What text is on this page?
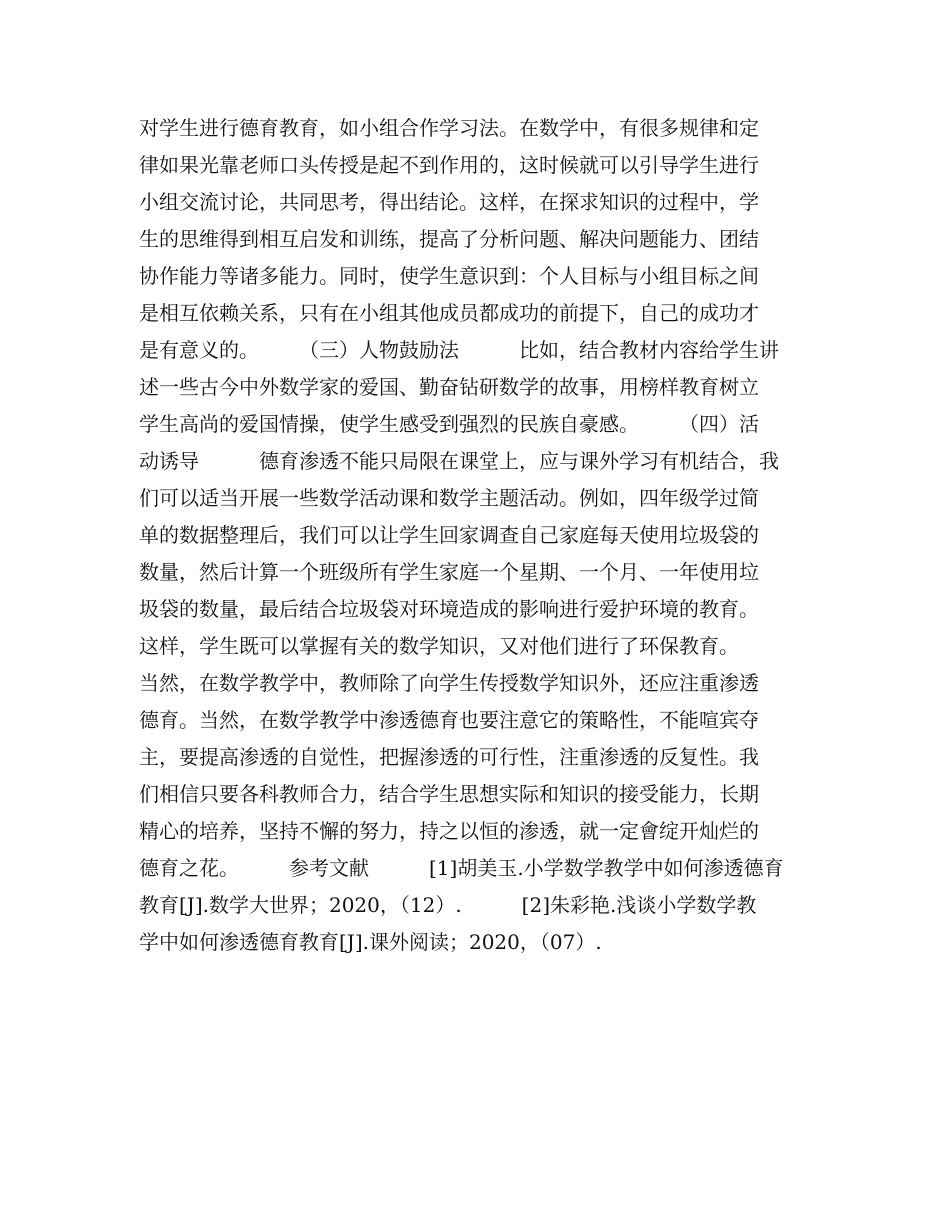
对学生进行德育教育，如小组合作学习法。在数学中，有很多规律和定
律如果光靠老师口头传授是起不到作用的，这时候就可以引导学生进行
小组交流讨论，共同思考，得出结论。这样，在探求知识的过程中，学
生的思维得到相互启发和训练，提高了分析问题、解决问题能力、团结
协作能力等诸多能力。同时，使学生意识到：个人目标与小组目标之间
是相互依赖关系，只有在小组其他成员都成功的前提下，自己的成功才
是有意义的。　　　（三）人物鼓励法　　　比如，结合教材内容给学生讲
述一些古今中外数学家的爱国、勤奋钻研数学的故事，用榜样教育树立
学生高尚的爱国情操，使学生感受到强烈的民族自豪感。　　　（四）活
动诱导　　　德育渗透不能只局限在课堂上，应与课外学习有机结合，我
们可以适当开展一些数学活动课和数学主题活动。例如，四年级学过简
单的数据整理后，我们可以让学生回家调查自己家庭每天使用垃圾袋的
数量，然后计算一个班级所有学生家庭一个星期、一个月、一年使用垃
圾袋的数量，最后结合垃圾袋对环境造成的影响进行爱护环境的教育。
这样，学生既可以掌握有关的数学知识，又对他们进行了环保教育。
当然，在数学教学中，教师除了向学生传授数学知识外，还应注重渗透
德育。当然，在数学教学中渗透德育也要注意它的策略性，不能喧宾夺
主，要提高渗透的自觉性，把握渗透的可行性，注重渗透的反复性。我
们相信只要各科教师合力，结合学生思想实际和知识的接受能力，长期
精心的培养，坚持不懈的努力，持之以恒的渗透，就一定會绽开灿烂的
德育之花。　　　参考文献　　　[1]胡美玉.小学数学教学中如何渗透德育
教育[J].数学大世界；2020，（12）.　　　[2]朱彩艳.浅谈小学数学教
学中如何渗透德育教育[J].课外阅读；2020，（07）.
